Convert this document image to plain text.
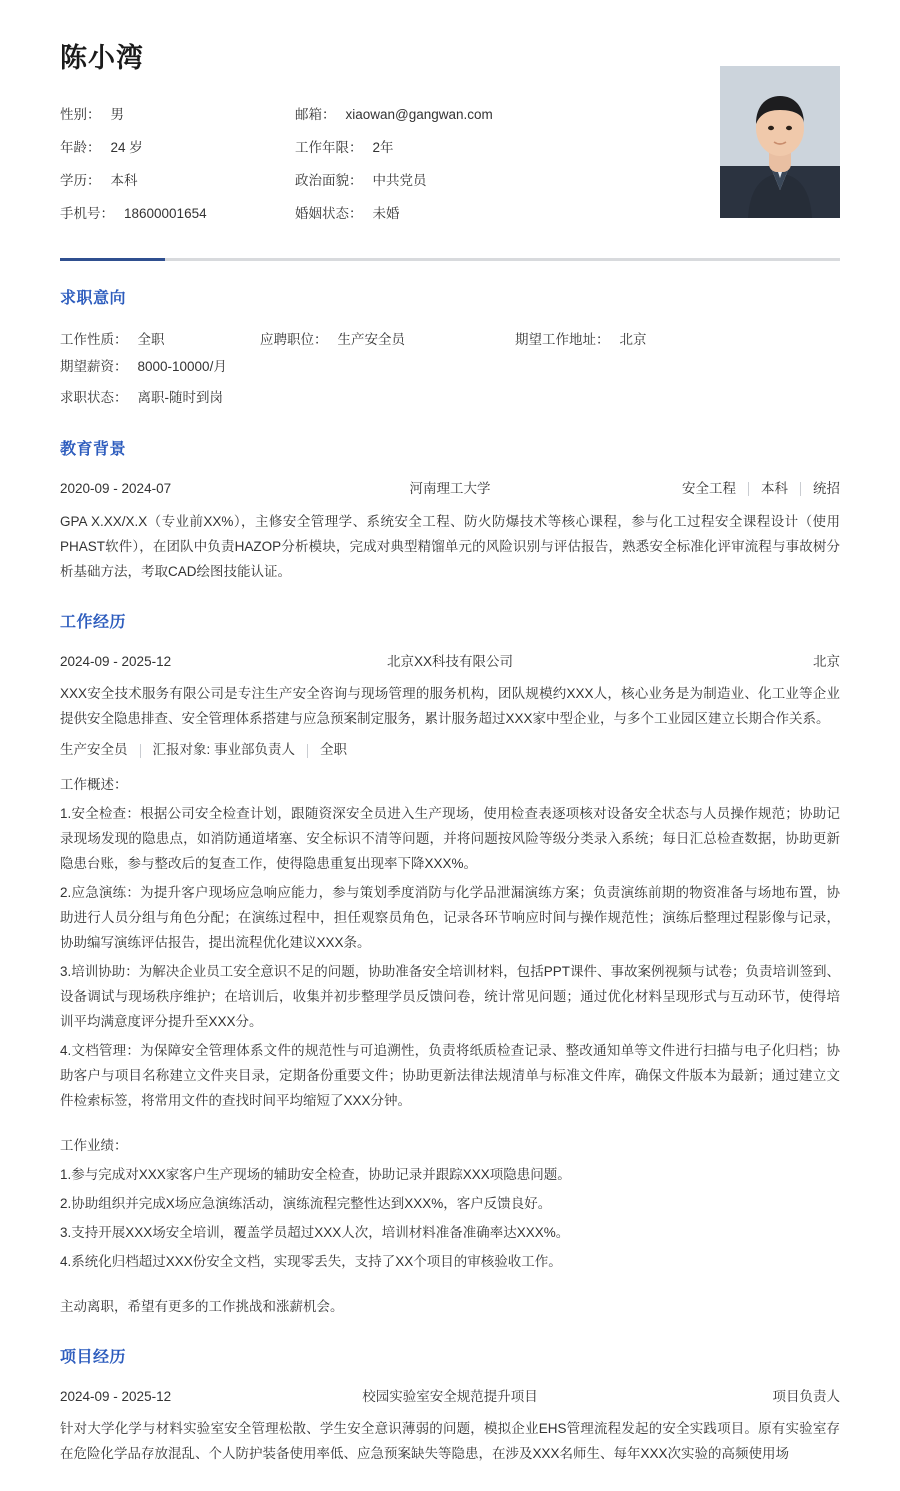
陈小湾
性别： 男	邮箱： xiaowan@gangwan.com
年龄： 24 岁	工作年限： 2年
学历： 本科	政治面貌： 中共党员
手机号： 18600001654	婚姻状态： 未婚
求职意向
工作性质： 全职	应聘职位： 生产安全员	期望工作地址： 北京
期望薪资： 8000-10000/月
求职状态： 离职-随时到岗
教育背景
2020-09 - 2024-07	河南理工大学	安全工程	本科	统招
GPA X.XX/X.X（专业前XX%），主修安全管理学、系统安全工程、防火防爆技术等核心课程，参与化工过程安全课程设计（使用PHAST软件），在团队中负责HAZOP分析模块，完成对典型精馏单元的风险识别与评估报告，熟悉安全标准化评审流程与事故树分析基础方法，考取CAD绘图技能认证。
工作经历
2024-09 - 2025-12	北京XX科技有限公司	北京
XXX安全技术服务有限公司是专注生产安全咨询与现场管理的服务机构，团队规模约XXX人，核心业务是为制造业、化工业等企业提供安全隐患排查、安全管理体系搭建与应急预案制定服务，累计服务超过XXX家中型企业，与多个工业园区建立长期合作关系。
生产安全员	汇报对象: 事业部负责人	全职
工作概述：
1.安全检查：根据公司安全检查计划，跟随资深安全员进入生产现场，使用检查表逐项核对设备安全状态与人员操作规范；协助记录现场发现的隐患点，如消防通道堵塞、安全标识不清等问题，并将问题按风险等级分类录入系统；每日汇总检查数据，协助更新隐患台账，参与整改后的复查工作，使得隐患重复出现率下降XXX%。
2.应急演练：为提升客户现场应急响应能力，参与策划季度消防与化学品泄漏演练方案；负责演练前期的物资准备与场地布置，协助进行人员分组与角色分配；在演练过程中，担任观察员角色，记录各环节响应时间与操作规范性；演练后整理过程影像与记录，协助编写演练评估报告，提出流程优化建议XXX条。
3.培训协助：为解决企业员工安全意识不足的问题，协助准备安全培训材料，包括PPT课件、事故案例视频与试卷；负责培训签到、设备调试与现场秩序维护；在培训后，收集并初步整理学员反馈问卷，统计常见问题；通过优化材料呈现形式与互动环节，使得培训平均满意度评分提升至XXX分。
4.文档管理：为保障安全管理体系文件的规范性与可追溯性，负责将纸质检查记录、整改通知单等文件进行扫描与电子化归档；协助客户与项目名称建立文件夹目录，定期备份重要文件；协助更新法律法规清单与标准文件库，确保文件版本为最新；通过建立文件检索标签，将常用文件的查找时间平均缩短了XXX分钟。
工作业绩：
1.参与完成对XXX家客户生产现场的辅助安全检查，协助记录并跟踪XXX项隐患问题。
2.协助组织并完成X场应急演练活动，演练流程完整性达到XXX%，客户反馈良好。
3.支持开展XXX场安全培训，覆盖学员超过XXX人次，培训材料准备准确率达XXX%。
4.系统化归档超过XXX份安全文档，实现零丢失，支持了XX个项目的审核验收工作。
主动离职，希望有更多的工作挑战和涨薪机会。
项目经历
2024-09 - 2025-12	校园实验室安全规范提升项目	项目负责人
针对大学化学与材料实验室安全管理松散、学生安全意识薄弱的问题，模拟企业EHS管理流程发起的安全实践项目。原有实验室存在危险化学品存放混乱、个人防护装备使用率低、应急预案缺失等隐患，在涉及XXX名师生、每年XXX次实验的高频使用场
